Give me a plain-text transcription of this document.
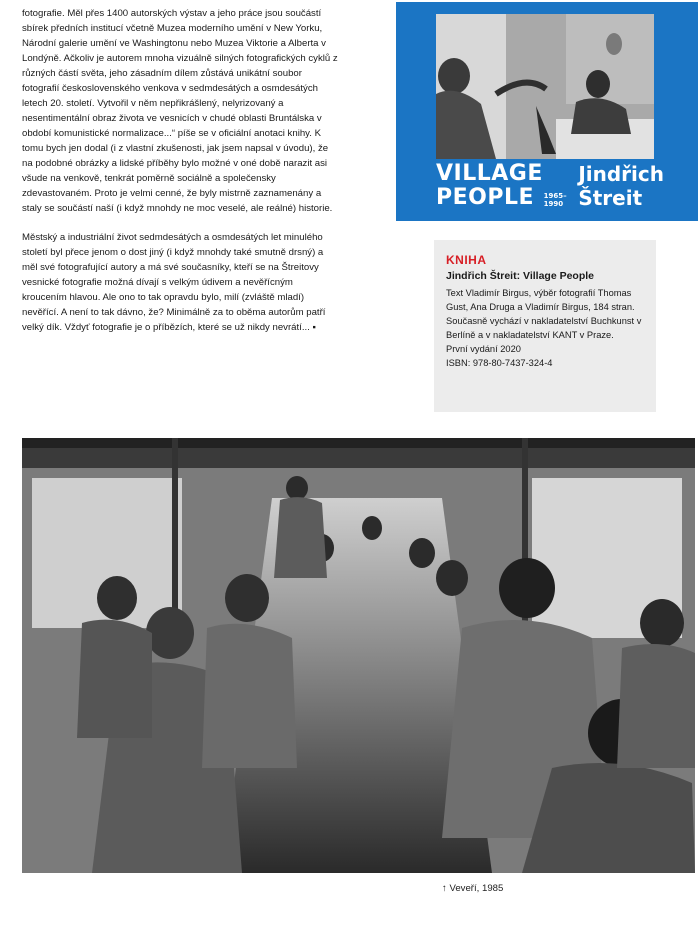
fotografie. Měl přes 1400 autorských výstav a jeho práce jsou součástí sbírek předních institucí včetně Muzea moderního umění v New Yorku, Národní galerie umění ve Washingtonu nebo Muzea Viktorie a Alberta v Londýně. Ačkoliv je autorem mnoha vizuálně silných fotografických cyklů z různých částí světa, jeho zásadním dílem zůstává unikátní soubor fotografií československého venkova v sedmdesátých a osmdesátých letech 20. století. Vytvořil v něm nepřikrášlený, nelyrizovaný a nesentimentální obraz života ve vesnicích v chudé oblasti Bruntálska v období komunistické normalizace...“ píše se v oficiální anotaci knihy. K tomu bych jen dodal (i z vlastní zkušenosti, jak jsem napsal v úvodu), že na podobné obrázky a lidské příběhy bylo možné v oné době narazit asi všude na venkově, tenkrát poměrně sociálně a společensky zdevastovaném. Proto je velmi cenné, že byly mistrně zaznamenány a staly se součástí naší (i když mnohdy ne moc veselé, ale reálné) historie.

Městský a industriální život sedmdesátých a osmdesátých let minulého století byl přece jenom o dost jiný (i když mnohdy také smutně drsný) a měl své fotografující autory a má své současníky, kteří se na Štreitovy vesnické fotografie možná dívají s velkým údivem a nevěřícným kroucením hlavou. Ale ono to tak opravdu bylo, milí (zvláště mladí) nevěřící. A není to tak dávno, že? Minimálně za to oběma autorům patří velký dík. Vždyť fotografie je o příbězích, které se už nikdy nevrátí... ▪

VILLAGE
PEOPLE 1965–
1990
Jindřich
Štreit
KNIHA
Jindřich Štreit: Village People
Text Vladimír Birgus, výběr fotografií Thomas Gust, Ana Druga a Vladimír Birgus, 184 stran. Současně vychází v nakladatelství Buchkunst v Berlíně a v nakladatelství KANT v Praze.
První vydání 2020
ISBN: 978-80-7437-324-4
↑ Veveří, 1985
